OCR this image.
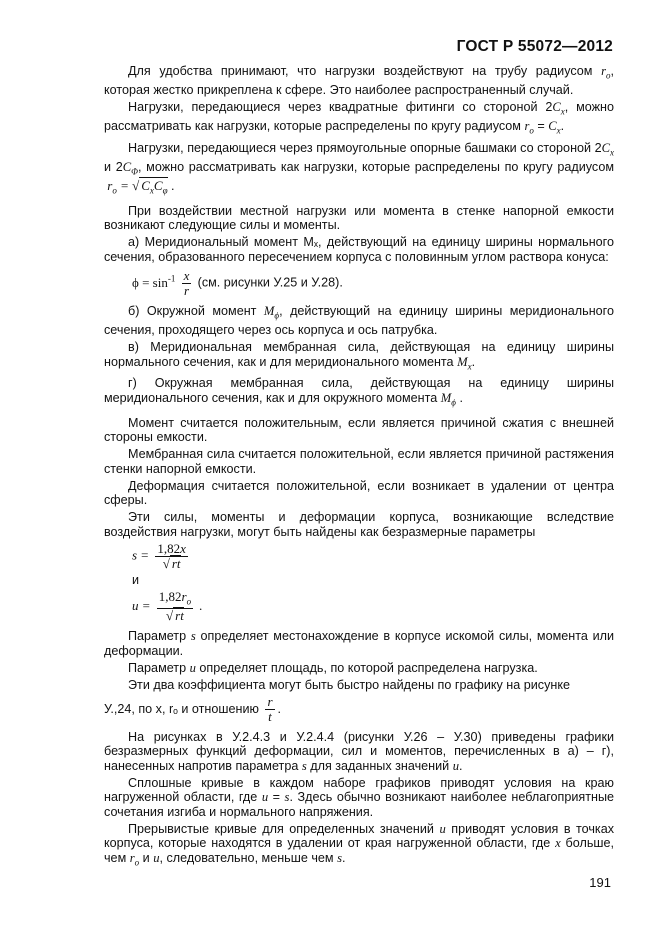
ГОСТ Р 55072—2012

Для удобства принимают, что нагрузки воздействуют на трубу радиусом $r_o$, которая жестко прикреплена к сфере. Это наиболее распространенный случай.

Нагрузки, передающиеся через квадратные фитинги со стороной $2C_x$, можно рассматривать как нагрузки, которые распределены по кругу радиусом $r_o = C_x$.

Нагрузки, передающиеся через прямоугольные опорные башмаки со стороной $2C_x$ и $2C_\Phi$, можно рассматривать как нагрузки, которые распределены по кругу радиусом  $r_o$ = √ $C_xC_\varphi$ .

При воздействии местной нагрузки или момента в стенке напорной емкости возникают следующие силы и моменты.

а) Меридиональный момент Mₓ, действующий на единицу ширины нормального сечения, образованного пересечением корпуса с половинным углом раствора конуса:

$\phi = \sin^{-1} \frac{x}{r} (см$. рисунки У.25 и У.28).

б) Окружной момент $M_\phi$, действующий на единицу ширины меридионального сечения, проходящего через ось корпуса и ось патрубка.

в) Меридиональная мембранная сила, действующая на единицу ширины нормального сечения, как и для меридионального момента $M_x$.

г) Окружная мембранная сила, действующая на единицу ширины меридионального сечения, как и для окружного момента $M_\phi$ .

Момент считается положительным, если является причиной сжатия с внешней стороны емкости.

Мембранная сила считается положительной, если является причиной растяжения стенки напорной емкости.

Деформация считается положительной, если возникает в удалении от центра сферы.

Эти силы, моменты и деформации корпуса, возникающие вследствие воздействия нагрузки, могут быть найдены как безразмерные параметры

$s = \frac{1,82x}{√ rt}$
и
$u = \frac{1,82r_o}{√ rt}$ .

Параметр s определяет местонахождение в корпусе искомой силы, момента или деформации.

Параметр u определяет площадь, по которой распределена нагрузка.

Эти два коэффициента могут быть быстро найдены по графику на рисунке

У.,24, по x, rₒ и отношению $\frac{r}{t}$ .

На рисунках в У.2.4.3 и У.2.4.4 (рисунки У.26 – У.30) приведены графики безразмерных функций деформации, сил и моментов, перечисленных в а) – г), нанесенных напротив параметра s для заданных значений u.

Сплошные кривые в каждом наборе графиков приводят условия на краю нагруженной области, где u = s. Здесь обычно возникают наиболее неблагоприятные сочетания изгиба и нормального напряжения.

Прерывистые кривые для определенных значений u приводят условия в точках корпуса, которые находятся в удалении от края нагруженной области, где x больше, чем $r_o$ и u, следовательно, меньше чем s.

191
